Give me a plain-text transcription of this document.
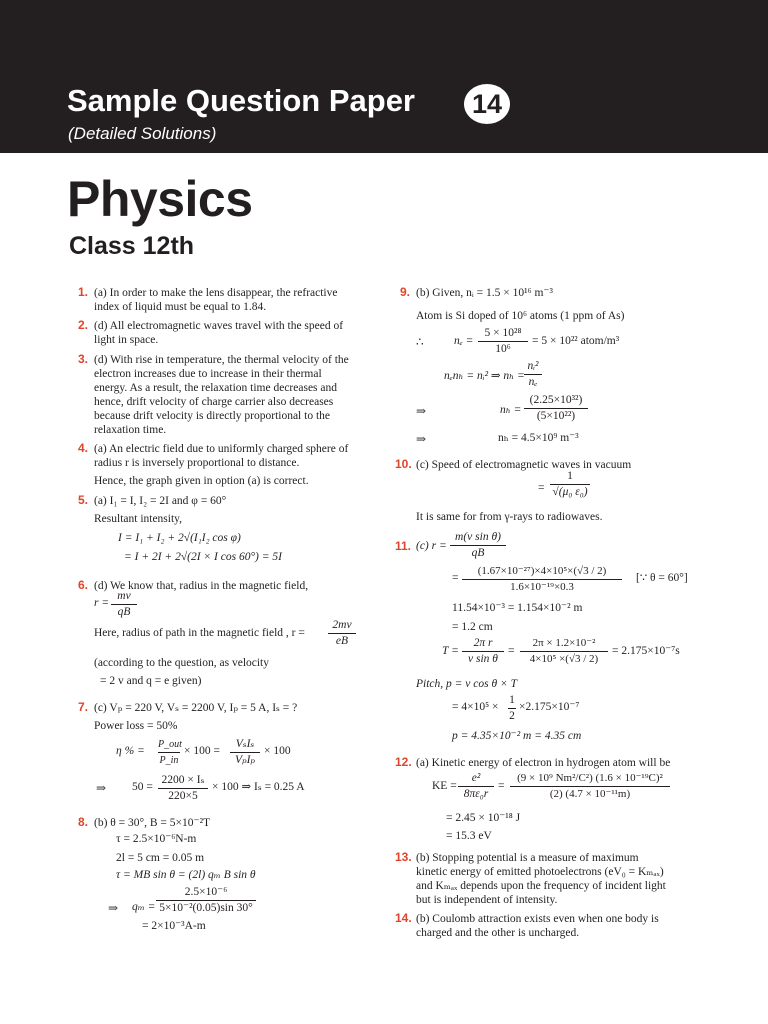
Sample Question Paper 14
(Detailed Solutions)
Physics
Class 12th
1. (a) In order to make the lens disappear, the refractive
index of liquid must be equal to 1.84.
2. (d) All electromagnetic waves travel with the speed of
light in space.
3. (d) With rise in temperature, the thermal velocity of the
electron increases due to increase in their thermal
energy. As a result, the relaxation time decreases and
hence, drift velocity of charge carrier also decreases
because drift velocity is directly proportional to the
relaxation time.
4. (a) An electric field due to uniformly charged sphere of
radius r is inversely proportional to distance.
Hence, the graph given in option (a) is correct.
5. (a) I₁ = I, I₂ = 2I and φ = 60°
Resultant intensity,
I = I₁ + I₂ + 2√(I₁I₂ cos φ)
= I + 2I + 2√(2I × I cos 60°) = 5I
6. (d) We know that, radius in the magnetic field,
r =
mv
qB
Here, radius of path in the magnetic field , r =
2mv
eB
(according to the question, as velocity
= 2 v and q = e given)
7. (c) Vₚ = 220 V, Vₛ = 2200 V, Iₚ = 5 A, Iₛ = ?
Power loss = 50%
η % =
P_out
P_in
× 100 =
VₛIₛ
VₚIₚ
× 100
⇒ 50 =
2200 × Iₛ
220×5
× 100 ⇒ Iₛ = 0.25 A
8. (b) θ = 30°, B = 5×10⁻²T
τ = 2.5×10⁻⁶N-m
2l = 5 cm = 0.05 m
τ = MB sin θ = (2l) qₘ B sin θ
⇒ qₘ =
2.5×10⁻⁶
5×10⁻²(0.05)sin 30°
= 2×10⁻³A-m
9. (b) Given, nᵢ = 1.5 × 10¹⁶ m⁻³
Atom is Si doped of 10⁶ atoms (1 ppm of As)
∴	nₑ =
5 × 10²⁸
10⁶
= 5 × 10²² atom/m³
nₑnₕ = nᵢ² ⇒ nₕ =
nᵢ²
nₑ
⇒	nₕ =
(2.25×10³²)
(5×10²²)
⇒	nₕ = 4.5×10⁹ m⁻³
10. (c) Speed of electromagnetic waves in vacuum
=
1
√(μ₀ ε₀)
It is same for from γ-rays to radiowaves.
11. (c) r =
m(v sin θ)
qB
=
(1.67×10⁻²⁷)×4×10⁵×(√3 / 2)
1.6×10⁻¹⁹×0.3
[∵ θ = 60°]
11.54×10⁻³ = 1.154×10⁻² m
= 1.2 cm
T =
2π r
v sin θ
=
2π × 1.2×10⁻²
4×10⁵ ×(√3 / 2)
= 2.175×10⁻⁷s
Pitch, p = v cos θ × T
= 4×10⁵ ×
1
2
×2.175×10⁻⁷
p = 4.35×10⁻² m = 4.35 cm
12. (a) Kinetic energy of electron in hydrogen atom will be
KE =
e²
8πε₀r
=
(9 × 10⁹ Nm²/C²) (1.6 × 10⁻¹⁹C)²
(2) (4.7 × 10⁻¹¹m)
= 2.45 × 10⁻¹⁸ J
= 15.3 eV
13. (b) Stopping potential is a measure of maximum
kinetic energy of emitted photoelectrons (eV₀ = Kₘₐₓ)
and Kₘₐₓ depends upon the frequency of incident light
but is independent of intensity.
14. (b) Coulomb attraction exists even when one body is
charged and the other is uncharged.
